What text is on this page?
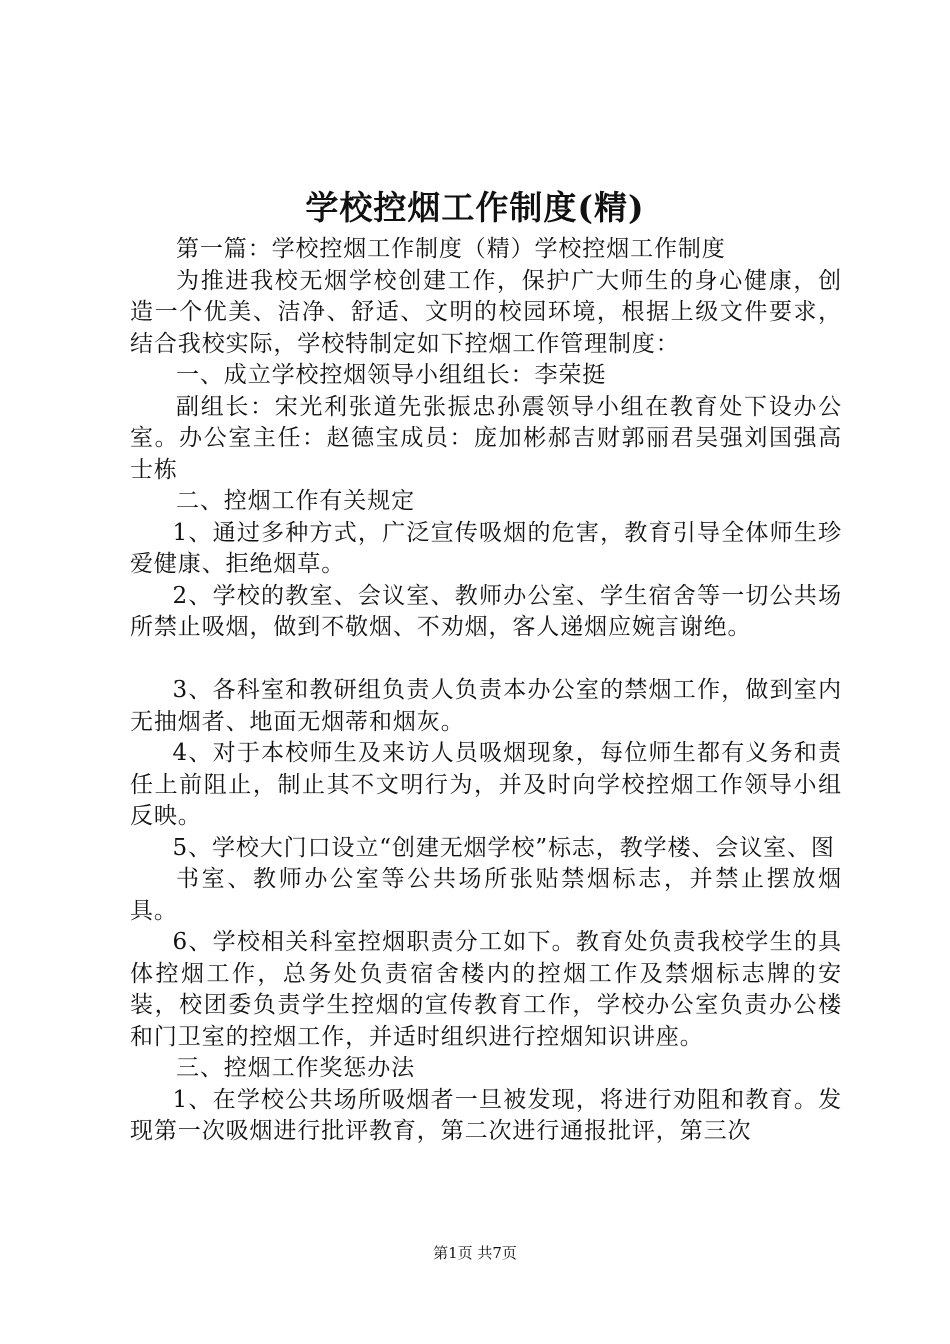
学校控烟工作制度(精)

第一篇：学校控烟工作制度（精）学校控烟工作制度

为推进我校无烟学校创建工作，保护广大师生的身心健康，创造一个优美、洁净、舒适、文明的校园环境，根据上级文件要求，结合我校实际，学校特制定如下控烟工作管理制度：

一、成立学校控烟领导小组组长：李荣挺

副组长：宋光利张道先张振忠孙震领导小组在教育处下设办公室。办公室主任：赵德宝成员：庞加彬郝吉财郭丽君吴强刘国强高士栋

二、控烟工作有关规定

1、通过多种方式，广泛宣传吸烟的危害，教育引导全体师生珍爱健康、拒绝烟草。

2、学校的教室、会议室、教师办公室、学生宿舍等一切公共场所禁止吸烟，做到不敬烟、不劝烟，客人递烟应婉言谢绝。

3、各科室和教研组负责人负责本办公室的禁烟工作，做到室内无抽烟者、地面无烟蒂和烟灰。

4、对于本校师生及来访人员吸烟现象，每位师生都有义务和责任上前阻止，制止其不文明行为，并及时向学校控烟工作领导小组反映。

5、学校大门口设立“创建无烟学校”标志，教学楼、会议室、图

书室、教师办公室等公共场所张贴禁烟标志，并禁止摆放烟具。

6、学校相关科室控烟职责分工如下。教育处负责我校学生的具体控烟工作，总务处负责宿舍楼内的控烟工作及禁烟标志牌的安装，校团委负责学生控烟的宣传教育工作，学校办公室负责办公楼和门卫室的控烟工作，并适时组织进行控烟知识讲座。

三、控烟工作奖惩办法

1、在学校公共场所吸烟者一旦被发现，将进行劝阻和教育。发现第一次吸烟进行批评教育，第二次进行通报批评，第三次

第1页 共7页
